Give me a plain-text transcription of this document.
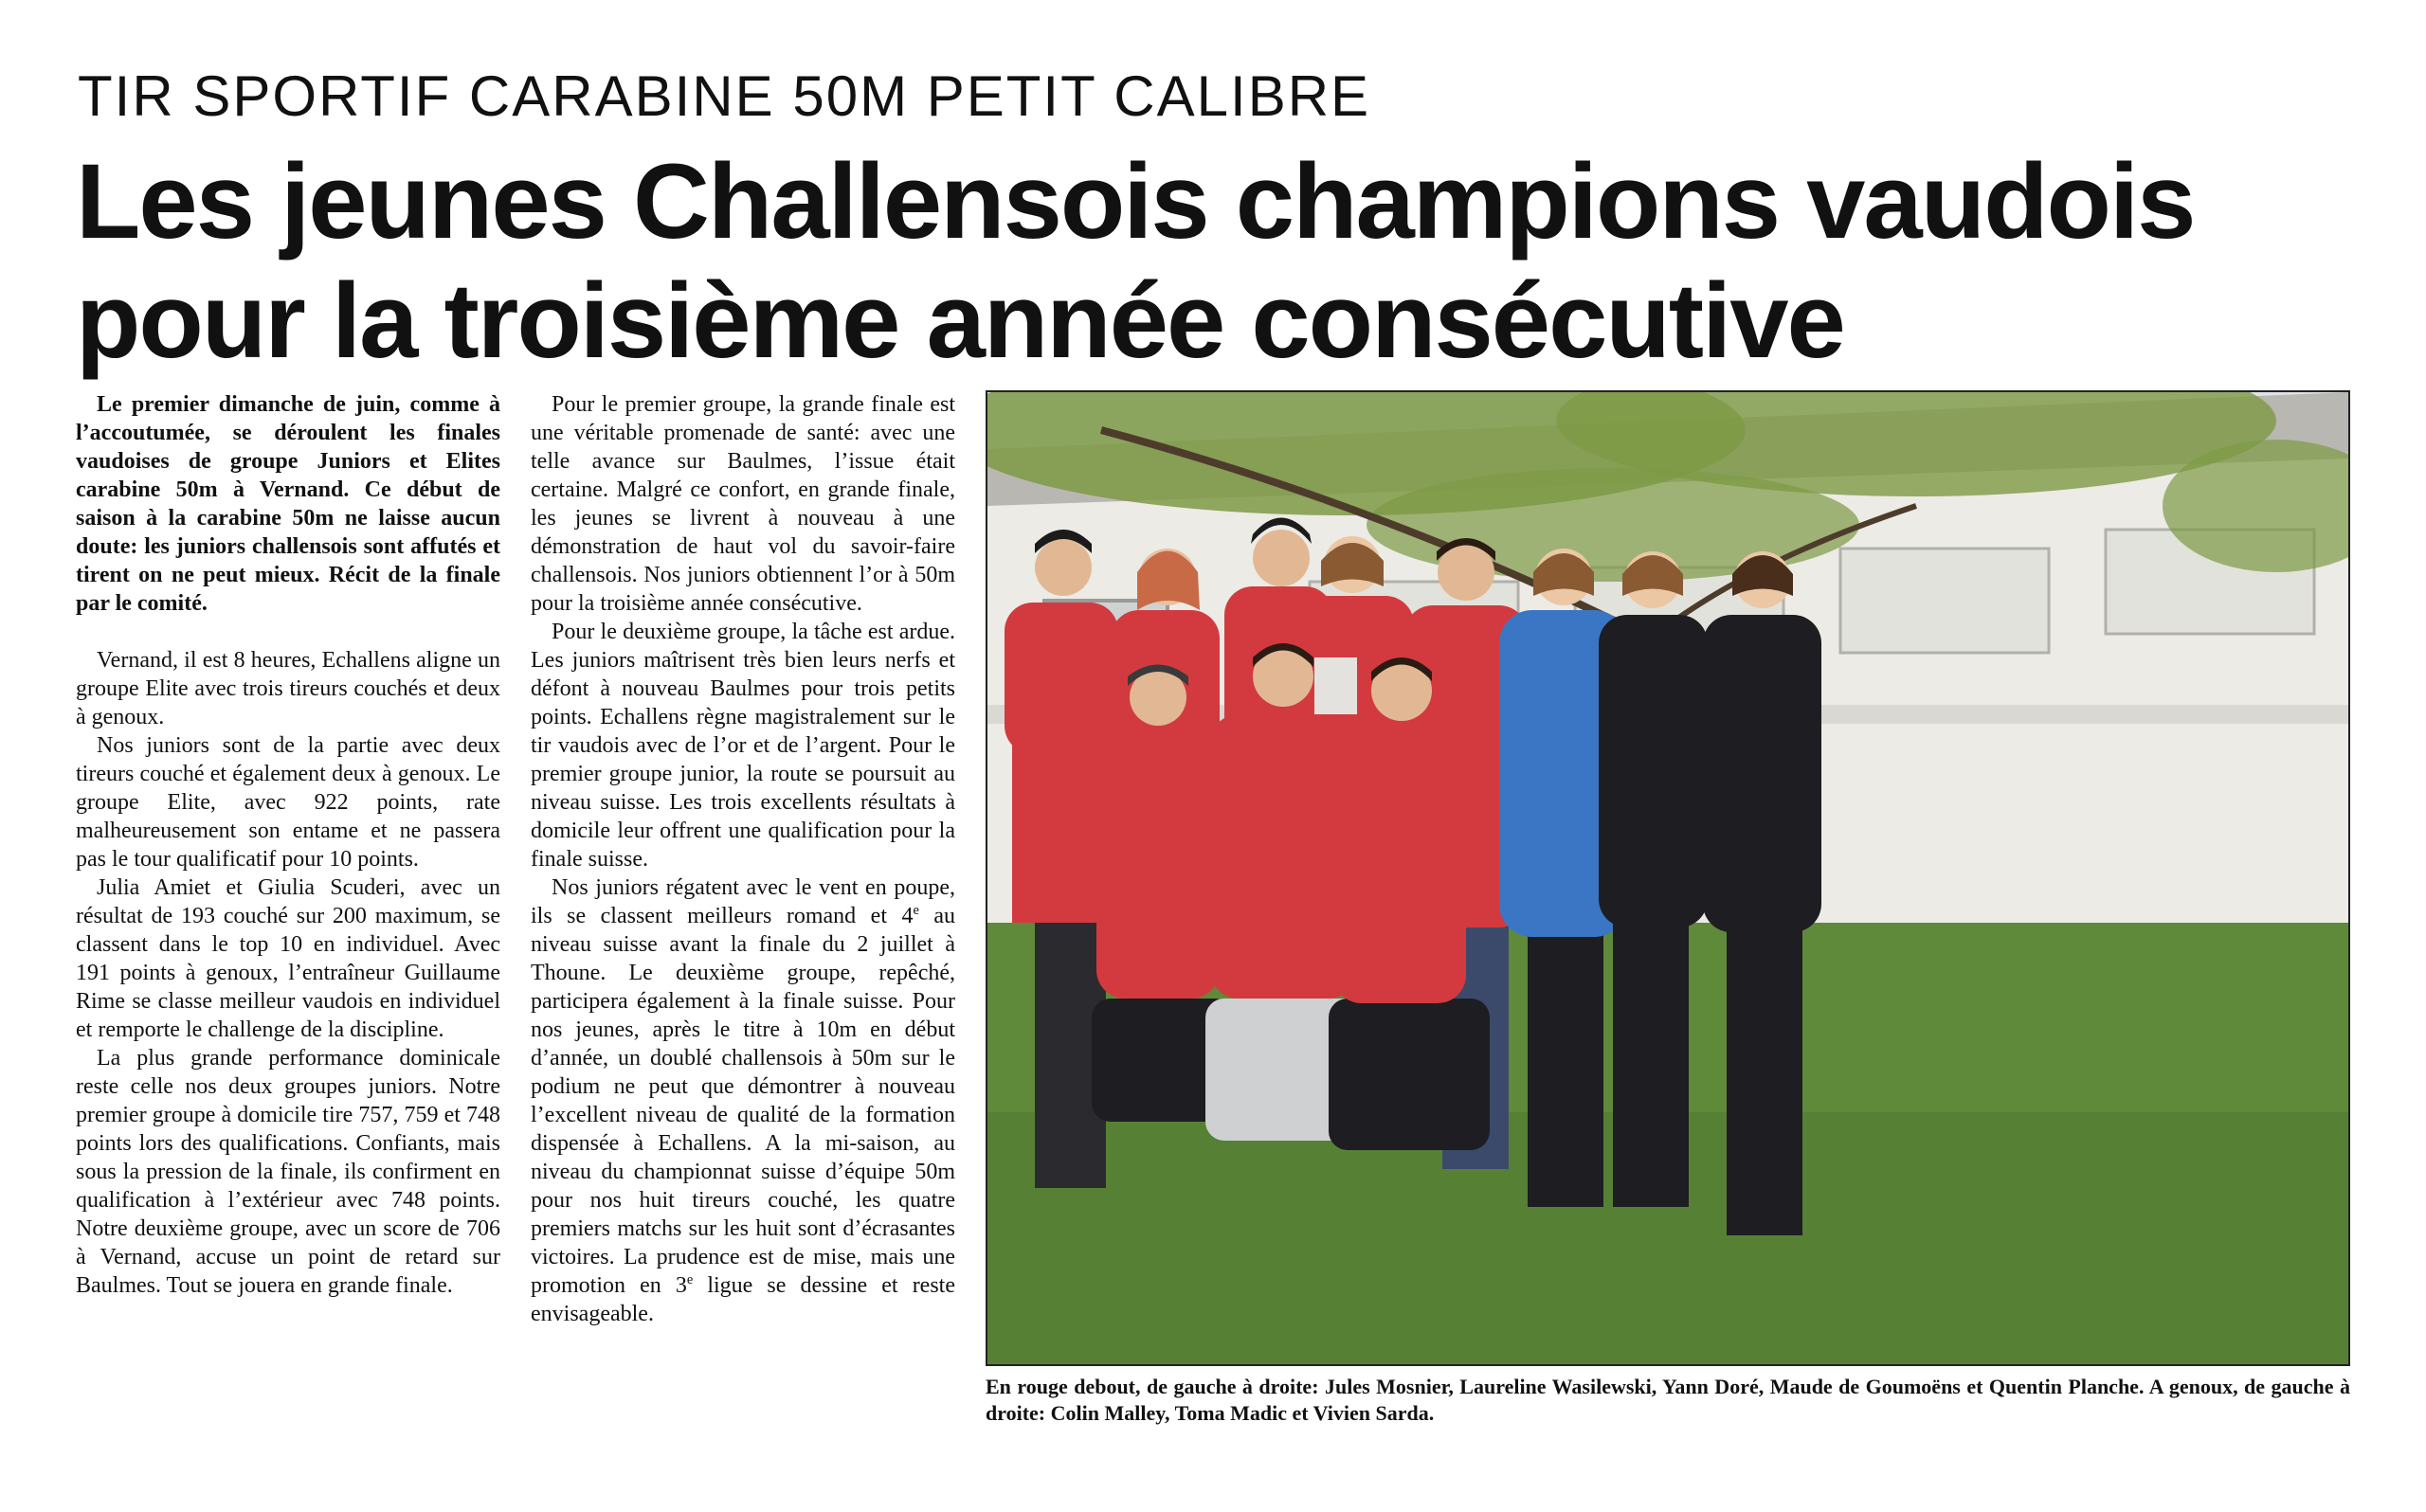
TIR SPORTIF CARABINE 50M PETIT CALIBRE
Les jeunes Challensois champions vaudois pour la troisième année consécutive

Le premier dimanche de juin, comme à l’accoutumée, se déroulent les finales vaudoises de groupe Juniors et Elites carabine 50m à Vernand. Ce début de saison à la carabine 50m ne laisse aucun doute: les juniors challensois sont affutés et tirent on ne peut mieux. Récit de la finale par le comité.

Vernand, il est 8 heures, Echallens aligne un groupe Elite avec trois tireurs couchés et deux à genoux.

Nos juniors sont de la partie avec deux tireurs couché et également deux à genoux. Le groupe Elite, avec 922 points, rate malheureusement son entame et ne passera pas le tour qualificatif pour 10 points.

Julia Amiet et Giulia Scuderi, avec un résultat de 193 couché sur 200 maximum, se classent dans le top 10 en individuel. Avec 191 points à genoux, l’entraîneur Guillaume Rime se classe meilleur vaudois en individuel et remporte le challenge de la discipline.

La plus grande performance dominicale reste celle nos deux groupes juniors. Notre premier groupe à domicile tire 757, 759 et 748 points lors des qualifications. Confiants, mais sous la pression de la finale, ils confirment en qualification à l’extérieur avec 748 points. Notre deuxième groupe, avec un score de 706 à Vernand, accuse un point de retard sur Baulmes. Tout se jouera en grande finale.

Pour le premier groupe, la grande finale est une véritable promenade de santé: avec une telle avance sur Baulmes, l’issue était certaine. Malgré ce confort, en grande finale, les jeunes se livrent à nouveau à une démonstration de haut vol du savoir-faire challensois. Nos juniors obtiennent l’or à 50m pour la troisième année consécutive.

Pour le deuxième groupe, la tâche est ardue. Les juniors maîtrisent très bien leurs nerfs et défont à nouveau Baulmes pour trois petits points. Echallens règne magistralement sur le tir vaudois avec de l’or et de l’argent. Pour le premier groupe junior, la route se poursuit au niveau suisse. Les trois excellents résultats à domicile leur offrent une qualification pour la finale suisse.

Nos juniors régatent avec le vent en poupe, ils se classent meilleurs romand et 4e au niveau suisse avant la finale du 2 juillet à Thoune. Le deuxième groupe, repêché, participera également à la finale suisse. Pour nos jeunes, après le titre à 10m en début d’année, un doublé challensois à 50m sur le podium ne peut que démontrer à nouveau l’excellent niveau de qualité de la formation dispensée à Echallens. A la mi-saison, au niveau du championnat suisse d’équipe 50m pour nos huit tireurs couché, les quatre premiers matchs sur les huit sont d’écrasantes victoires. La prudence est de mise, mais une promotion en 3e ligue se dessine et reste envisageable.

En rouge debout, de gauche à droite: Jules Mosnier, Laureline Wasilewski, Yann Doré, Maude de Goumoëns et Quentin Planche. A genoux, de gauche à droite: Colin Malley, Toma Madic et Vivien Sarda.
